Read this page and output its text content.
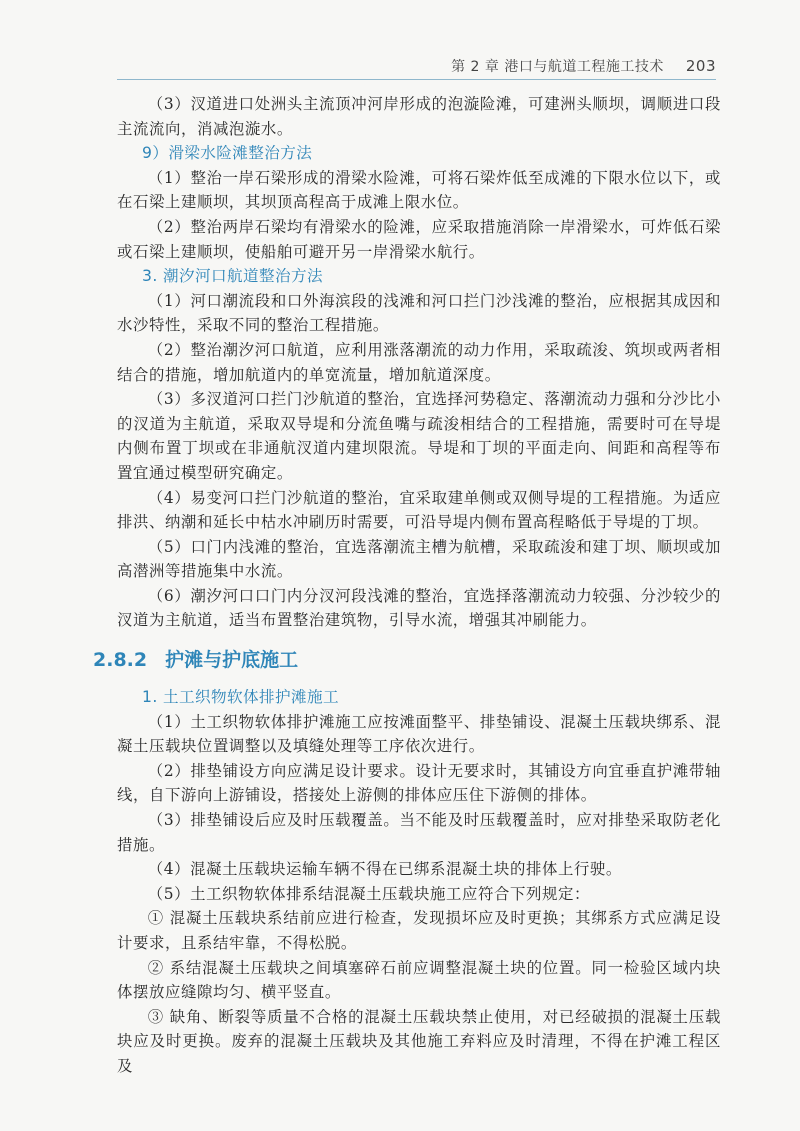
第 2 章 港口与航道工程施工技术 203

（3）汊道进口处洲头主流顶冲河岸形成的泡漩险滩，可建洲头顺坝，调顺进口段主流流向，消减泡漩水。

9）滑梁水险滩整治方法

（1）整治一岸石梁形成的滑梁水险滩，可将石梁炸低至成滩的下限水位以下，或在石梁上建顺坝，其坝顶高程高于成滩上限水位。

（2）整治两岸石梁均有滑梁水的险滩，应采取措施消除一岸滑梁水，可炸低石梁或石梁上建顺坝，使船舶可避开另一岸滑梁水航行。

3. 潮汐河口航道整治方法

（1）河口潮流段和口外海滨段的浅滩和河口拦门沙浅滩的整治，应根据其成因和水沙特性，采取不同的整治工程措施。

（2）整治潮汐河口航道，应利用涨落潮流的动力作用，采取疏浚、筑坝或两者相结合的措施，增加航道内的单宽流量，增加航道深度。

（3）多汊道河口拦门沙航道的整治，宜选择河势稳定、落潮流动力强和分沙比小的汊道为主航道，采取双导堤和分流鱼嘴与疏浚相结合的工程措施，需要时可在导堤内侧布置丁坝或在非通航汊道内建坝限流。导堤和丁坝的平面走向、间距和高程等布置宜通过模型研究确定。

（4）易变河口拦门沙航道的整治，宜采取建单侧或双侧导堤的工程措施。为适应排洪、纳潮和延长中枯水冲刷历时需要，可沿导堤内侧布置高程略低于导堤的丁坝。

（5）口门内浅滩的整治，宜选落潮流主槽为航槽，采取疏浚和建丁坝、顺坝或加高潜洲等措施集中水流。

（6）潮汐河口口门内分汊河段浅滩的整治，宜选择落潮流动力较强、分沙较少的汊道为主航道，适当布置整治建筑物，引导水流，增强其冲刷能力。

2.8.2 护滩与护底施工
1. 土工织物软体排护滩施工

（1）土工织物软体排护滩施工应按滩面整平、排垫铺设、混凝土压载块绑系、混凝土压载块位置调整以及填缝处理等工序依次进行。

（2）排垫铺设方向应满足设计要求。设计无要求时，其铺设方向宜垂直护滩带轴线，自下游向上游铺设，搭接处上游侧的排体应压住下游侧的排体。

（3）排垫铺设后应及时压载覆盖。当不能及时压载覆盖时，应对排垫采取防老化措施。

（4）混凝土压载块运输车辆不得在已绑系混凝土块的排体上行驶。

（5）土工织物软体排系结混凝土压载块施工应符合下列规定：

① 混凝土压载块系结前应进行检查，发现损坏应及时更换；其绑系方式应满足设计要求，且系结牢靠，不得松脱。

② 系结混凝土压载块之间填塞碎石前应调整混凝土块的位置。同一检验区域内块体摆放应缝隙均匀、横平竖直。

③ 缺角、断裂等质量不合格的混凝土压载块禁止使用，对已经破损的混凝土压载块应及时更换。废弃的混凝土压载块及其他施工弃料应及时清理，不得在护滩工程区及
